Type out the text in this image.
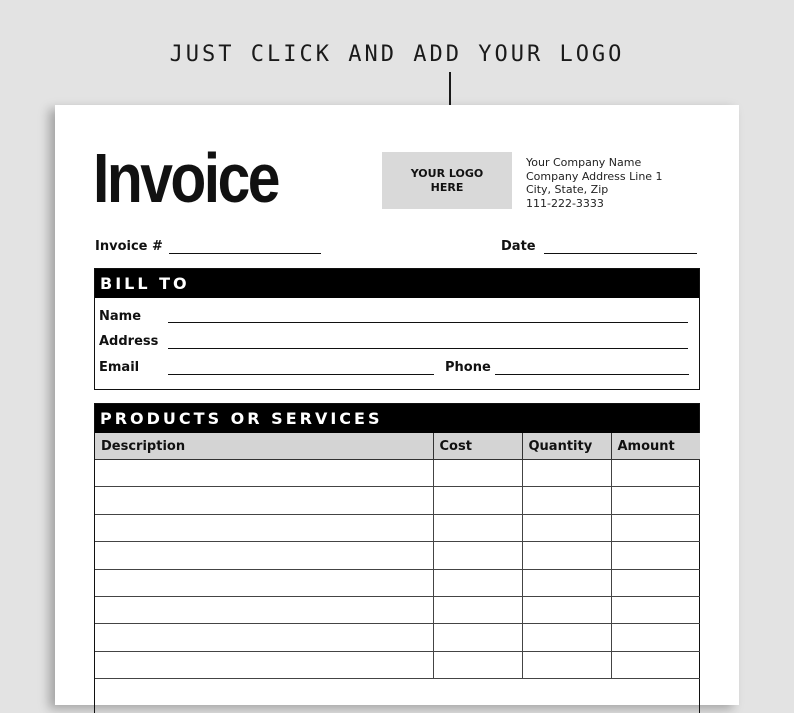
JUST CLICK AND ADD YOUR LOGO
Invoice	YOUR LOGO
HERE
Your Company Name
Company Address Line 1
City, State, Zip
111-222-3333
Invoice #	Date
BILL TO
Name
Address
Email	Phone
PRODUCTS OR SERVICES
Description	Cost	Quantity	Amount
